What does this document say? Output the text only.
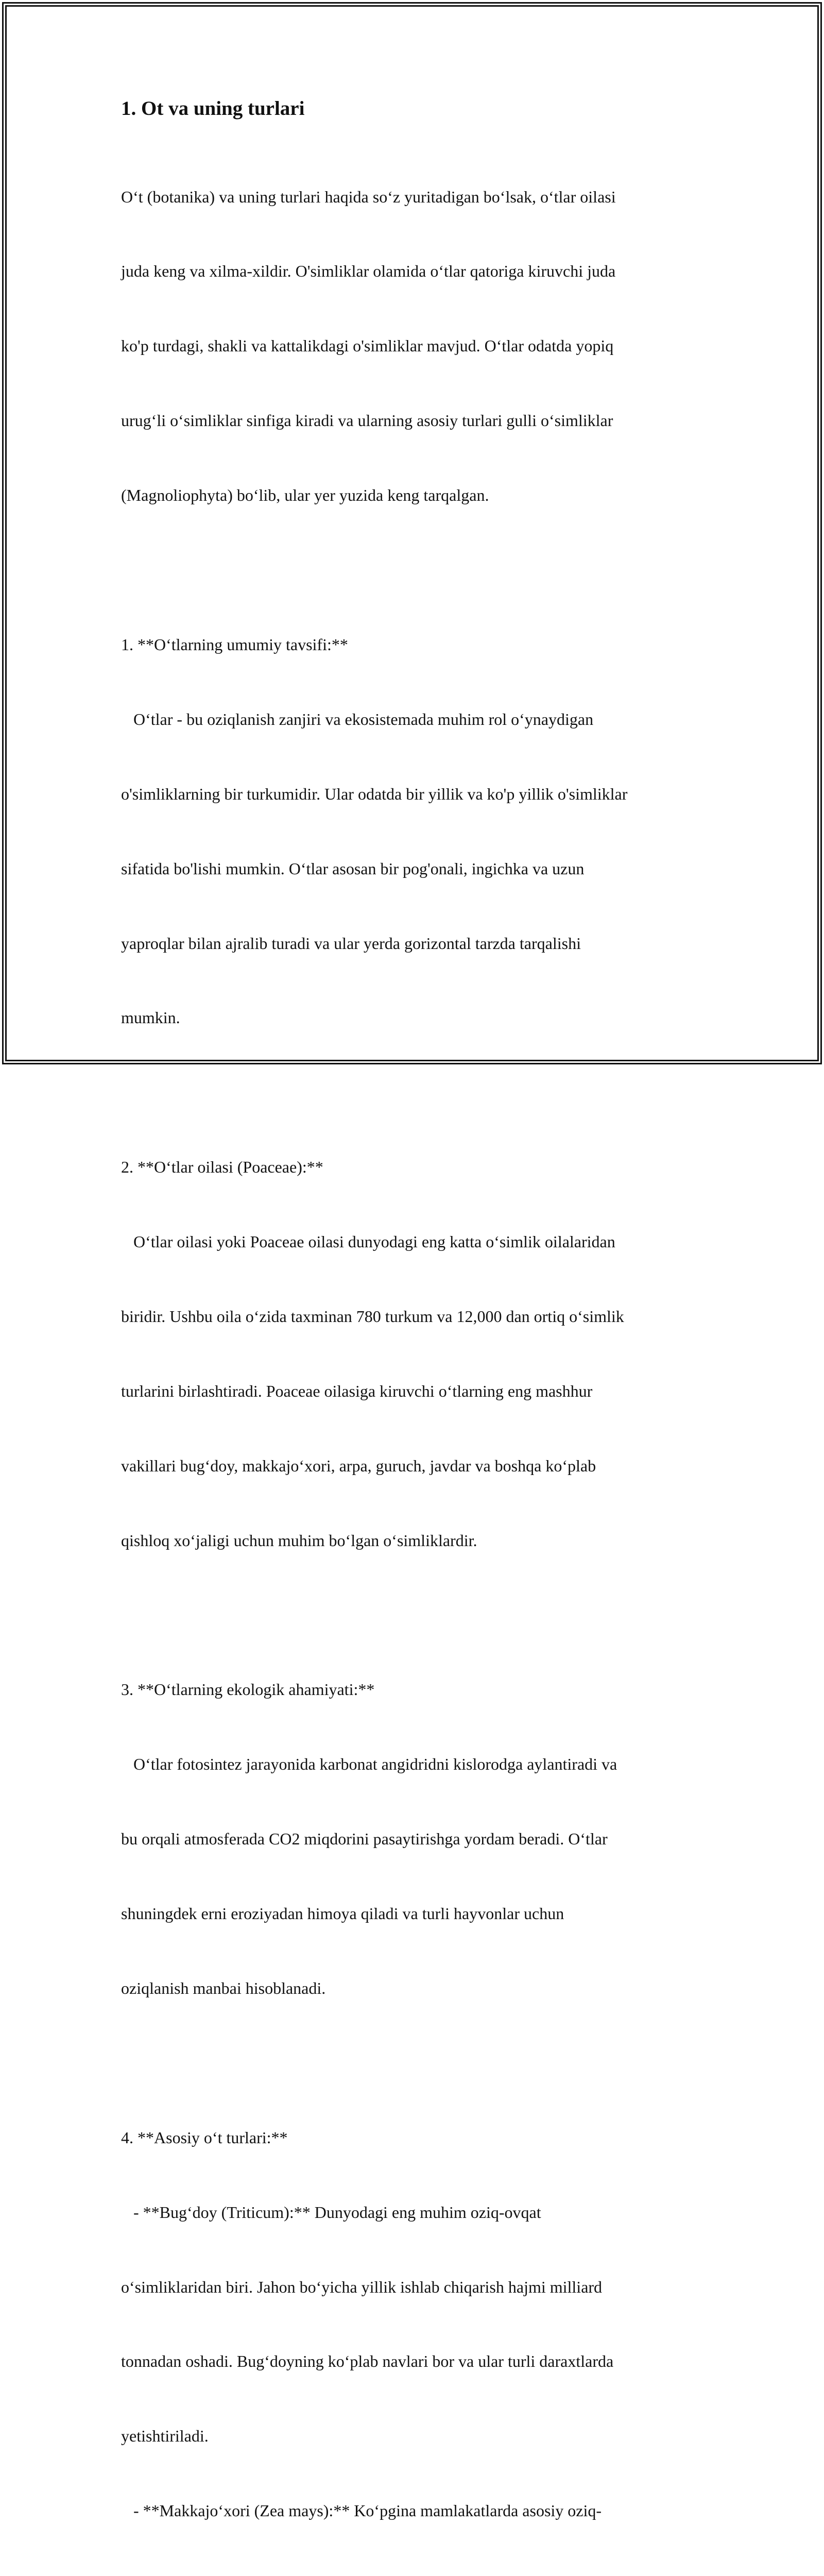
1. Ot va uning turlari

O‘t (botanika) va uning turlari haqida so‘z yuritadigan bo‘lsak, o‘tlar oilasi

juda keng va xilma-xildir. O'simliklar olamida o‘tlar qatoriga kiruvchi juda

ko'p turdagi, shakli va kattalikdagi o'simliklar mavjud. O‘tlar odatda yopiq

urug‘li o‘simliklar sinfiga kiradi va ularning asosiy turlari gulli o‘simliklar

(Magnoliophyta) bo‘lib, ular yer yuzida keng tarqalgan.

1. **O‘tlarning umumiy tavsifi:**

O‘tlar - bu oziqlanish zanjiri va ekosistemada muhim rol o‘ynaydigan

o'simliklarning bir turkumidir. Ular odatda bir yillik va ko'p yillik o'simliklar

sifatida bo'lishi mumkin. O‘tlar asosan bir pog'onali, ingichka va uzun

yaproqlar bilan ajralib turadi va ular yerda gorizontal tarzda tarqalishi

mumkin.

2. **O‘tlar oilasi (Poaceae):**

O‘tlar oilasi yoki Poaceae oilasi dunyodagi eng katta o‘simlik oilalaridan

biridir. Ushbu oila o‘zida taxminan 780 turkum va 12,000 dan ortiq o‘simlik

turlarini birlashtiradi. Poaceae oilasiga kiruvchi o‘tlarning eng mashhur

vakillari bug‘doy, makkajo‘xori, arpa, guruch, javdar va boshqa ko‘plab

qishloq xo‘jaligi uchun muhim bo‘lgan o‘simliklardir.

3. **O‘tlarning ekologik ahamiyati:**

O‘tlar fotosintez jarayonida karbonat angidridni kislorodga aylantiradi va

bu orqali atmosferada CO2 miqdorini pasaytirishga yordam beradi. O‘tlar

shuningdek erni eroziyadan himoya qiladi va turli hayvonlar uchun

oziqlanish manbai hisoblanadi.

4. **Asosiy o‘t turlari:**

- **Bug‘doy (Triticum):** Dunyodagi eng muhim oziq-ovqat

o‘simliklaridan biri. Jahon bo‘yicha yillik ishlab chiqarish hajmi milliard

tonnadan oshadi. Bug‘doyning ko‘plab navlari bor va ular turli daraxtlarda

yetishtiriladi.

- **Makkajo‘xori (Zea mays):** Ko‘pgina mamlakatlarda asosiy oziq-
